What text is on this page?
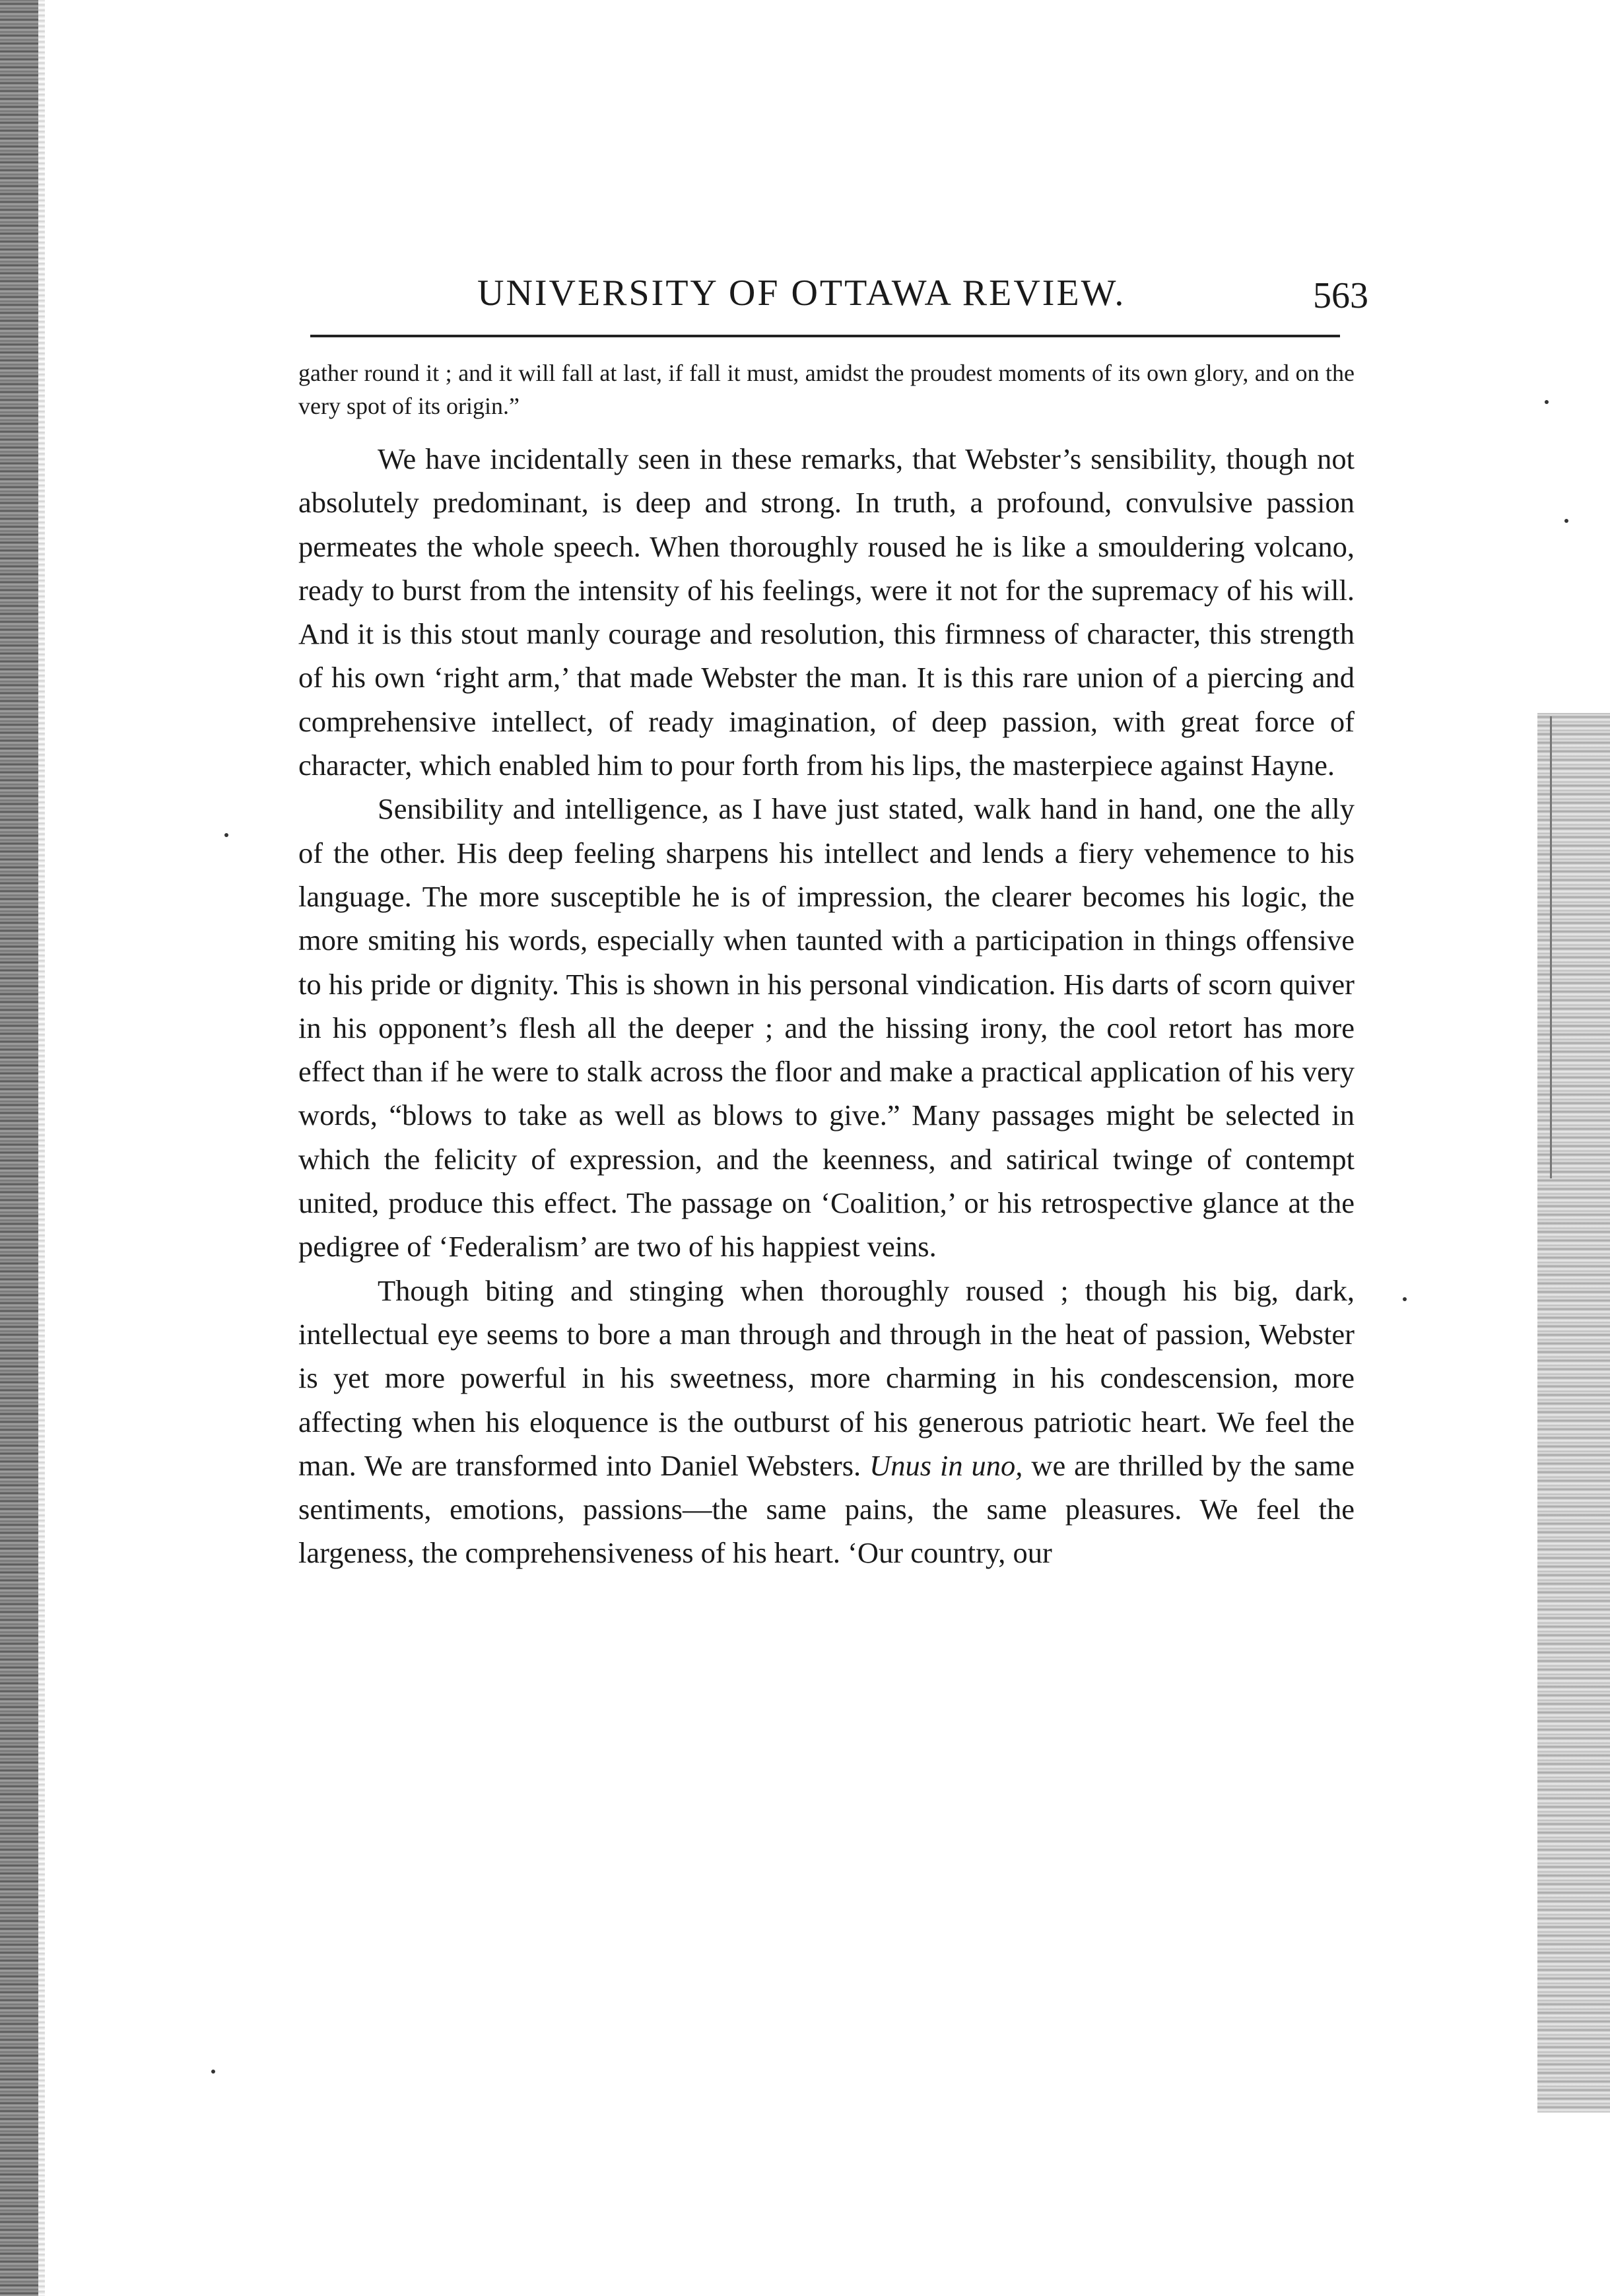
UNIVERSITY OF OTTAWA REVIEW.	563

gather round it ; and it will fall at last, if fall it must, amidst the proudest moments of its own glory, and on the very spot of its origin.”

We have incidentally seen in these remarks, that Webster’s sensibility, though not absolutely predominant, is deep and strong. In truth, a profound, convulsive passion permeates the whole speech. When thoroughly roused he is like a smouldering volcano, ready to burst from the intensity of his feelings, were it not for the supremacy of his will. And it is this stout manly courage and resolution, this firmness of character, this strength of his own ‘right arm,’ that made Webster the man. It is this rare union of a piercing and comprehensive intellect, of ready imagination, of deep passion, with great force of character, which enabled him to pour forth from his lips, the masterpiece against Hayne.

Sensibility and intelligence, as I have just stated, walk hand in hand, one the ally of the other. His deep feeling sharpens his intellect and lends a fiery vehemence to his language. The more susceptible he is of impression, the clearer becomes his logic, the more smiting his words, especially when taunted with a participation in things offensive to his pride or dignity. This is shown in his personal vindication. His darts of scorn quiver in his opponent’s flesh all the deeper ; and the hissing irony, the cool retort has more effect than if he were to stalk across the floor and make a practical application of his very words, “blows to take as well as blows to give.” Many passages might be selected in which the felicity of expression, and the keenness, and satirical twinge of contempt united, produce this effect. The passage on ‘Coalition,’ or his retrospective glance at the pedigree of ‘Federalism’ are two of his happiest veins.

Though biting and stinging when thoroughly roused ; though his big, dark, intellectual eye seems to bore a man through and through in the heat of passion, Webster is yet more powerful in his sweetness, more charming in his condescension, more affecting when his eloquence is the outburst of his generous patriotic heart. We feel the man. We are transformed into Daniel Websters. Unus in uno, we are thrilled by the same sentiments, emotions, passions—the same pains, the same pleasures. We feel the largeness, the comprehensiveness of his heart. ‘Our country, our
